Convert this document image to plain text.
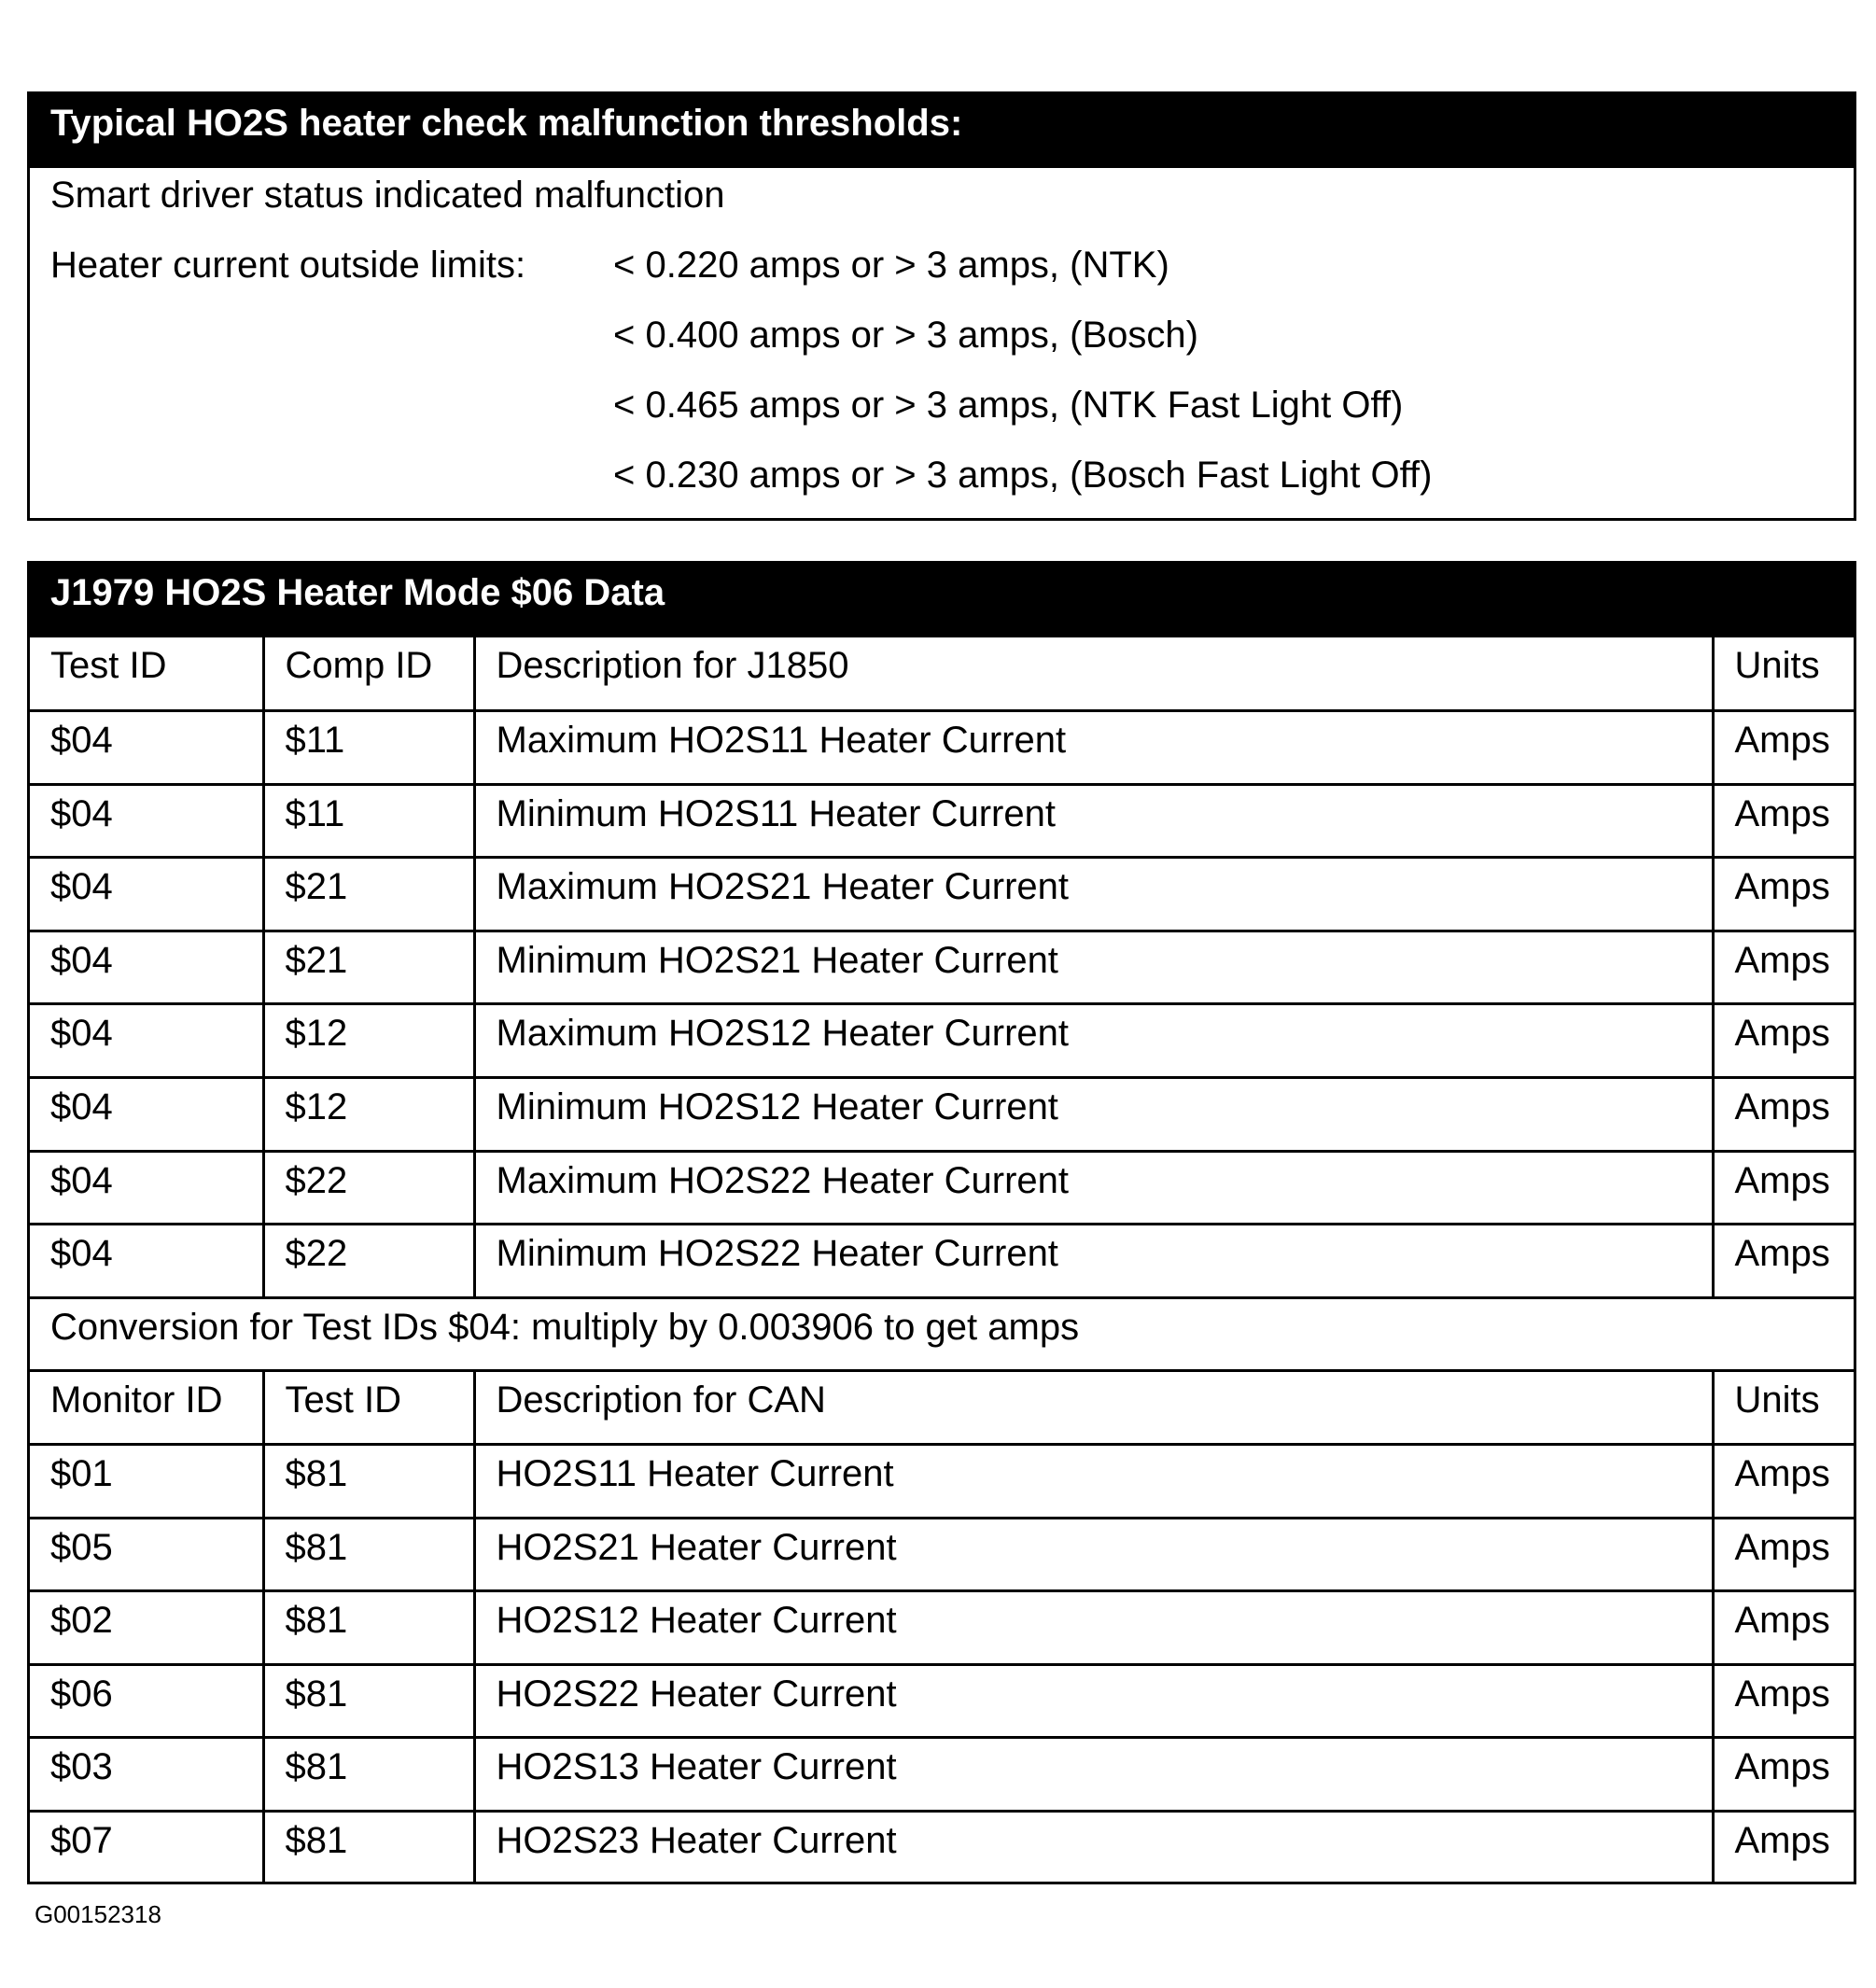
Typical HO2S heater check malfunction thresholds:
Smart driver status indicated malfunction
Heater current outside limits: < 0.220 amps or > 3 amps, (NTK)
< 0.400 amps or > 3 amps, (Bosch)
< 0.465 amps or > 3 amps, (NTK Fast Light Off)
< 0.230 amps or > 3 amps, (Bosch Fast Light Off)
J1979 HO2S Heater Mode $06 Data
Test ID	Comp ID	Description for J1850	Units
$04	$11	Maximum HO2S11 Heater Current	Amps
$04	$11	Minimum HO2S11 Heater Current	Amps
$04	$21	Maximum HO2S21 Heater Current	Amps
$04	$21	Minimum HO2S21 Heater Current	Amps
$04	$12	Maximum HO2S12 Heater Current	Amps
$04	$12	Minimum HO2S12 Heater Current	Amps
$04	$22	Maximum HO2S22 Heater Current	Amps
$04	$22	Minimum HO2S22 Heater Current	Amps
Conversion for Test IDs $04: multiply by 0.003906 to get amps			
Monitor ID	Test ID	Description for CAN	Units
$01	$81	HO2S11 Heater Current	Amps
$05	$81	HO2S21 Heater Current	Amps
$02	$81	HO2S12 Heater Current	Amps
$06	$81	HO2S22 Heater Current	Amps
$03	$81	HO2S13 Heater Current	Amps
$07	$81	HO2S23 Heater Current	Amps
G00152318
